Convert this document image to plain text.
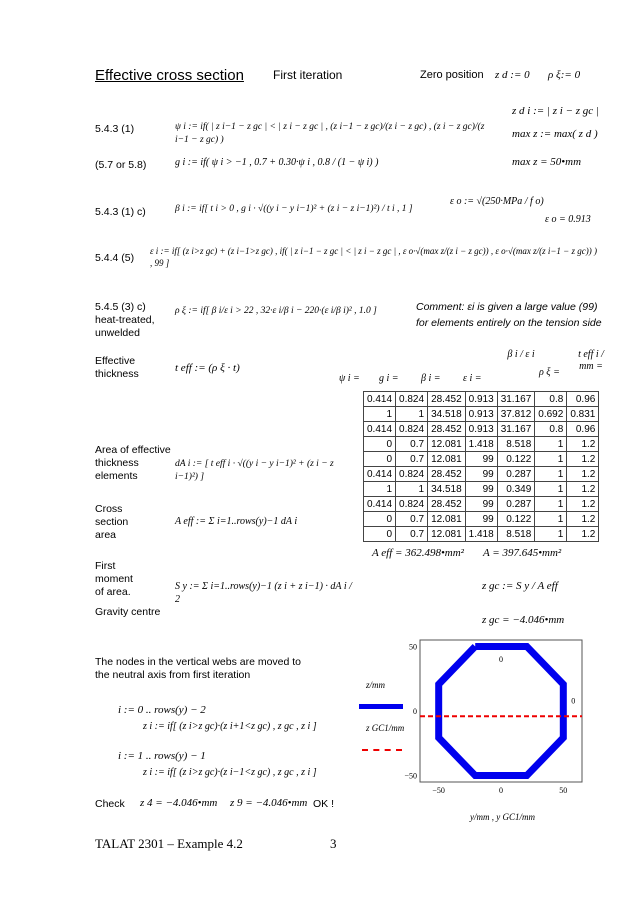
Effective cross section First iteration	Zero position z d := 0 ρ ξ:= 0
5.4.3 (1)	ψ i := if( | z i−1 − z gc | < | z i − z gc | , (z i−1 − z gc)/(z i − z gc) , (z i − z gc)/(z i−1 − z gc) )
z d i := | z i − z gc |
max z := max( z d )
(5.7 or 5.8)	g i := if( ψ i > −1 , 0.7 + 0.30·ψ i , 0.8 / (1 − ψ i) )	max z = 50•mm
5.4.3 (1) c)	β i := if[ t i > 0 , g i · √((y i − y i−1)² + (z i − z i−1)²) / t i , 1 ]
ε o := √(250·MPa / f o)
ε o = 0.913
5.4.4 (5)
ε i := if[ (z i>z gc) + (z i−1>z gc) , if( | z i−1 − z gc | < | z i − z gc | , ε o·√(max z/(z i − z gc)) , ε o·√(max z/(z i−1 − z gc)) ) , 99 ]
5.4.5 (3) c)
heat-treated,
unwelded
ρ ξ := if[ β i/ε i > 22 , 32·ε i/β i − 220·(ε i/β i)² , 1.0 ]	Comment: εi is given a large value (99)
for elements entirely on the tension side
Effective
thickness	t eff := (ρ ξ · t)
ψ i = g i = β i = ε i =
β i / ε i
ρ ξ =
t eff i / mm =
0.414	0.824	28.452	0.913	31.167	0.8	0.96
1	1	34.518	0.913	37.812	0.692	0.831
0.414	0.824	28.452	0.913	31.167	0.8	0.96
0	0.7	12.081	1.418	8.518	1	1.2
0	0.7	12.081	99	0.122	1	1.2
0.414	0.824	28.452	99	0.287	1	1.2
1	1	34.518	99	0.349	1	1.2
0.414	0.824	28.452	99	0.287	1	1.2
0	0.7	12.081	99	0.122	1	1.2
0	0.7	12.081	1.418	8.518	1	1.2
Area of effective
thickness
elements
dA i := [ t eff i · √((y i − y i−1)² + (z i − z i−1)²) ]
Cross
section
area
A eff := Σ i=1..rows(y)−1 dA i
A eff = 362.498•mm² A = 397.645•mm²
First
moment
of area.	S y := Σ i=1..rows(y)−1 (z i + z i−1) · dA i / 2
z gc := S y / A eff
Gravity centre
z gc = −4.046•mm
The nodes in the vertical webs are moved to
the neutral axis from first iteration
i := 0 .. rows(y) − 2
z i := if[ (z i>z gc)·(z i+1<z gc) , z gc , z i ]
i := 1 .. rows(y) − 1
z i := if[ (z i>z gc)·(z i−1<z gc) , z gc , z i ]
Check z 4 = −4.046•mm z 9 = −4.046•mm OK !
z/mm
z GC1/mm
−50	0	50
50
0
−50
0
0
y/mm , y GC1/mm
TALAT 2301 – Example 4.2	3
